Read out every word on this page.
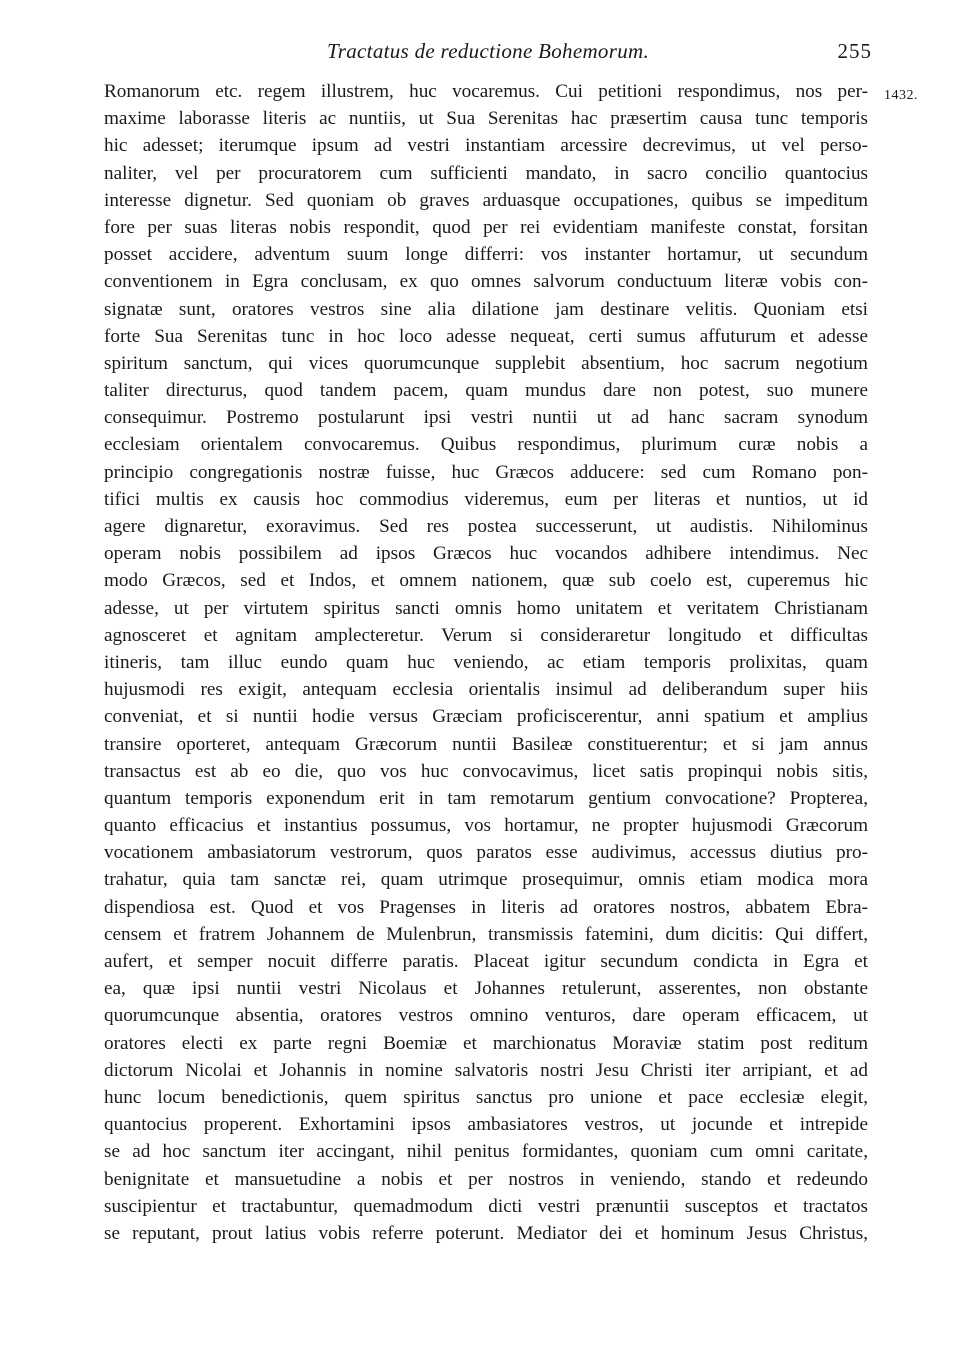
Tractatus de reductione Bohemorum.	255
1432.
Romanorum etc. regem illustrem, huc vocaremus. Cui petitioni respondimus, nos per-
maxime laborasse literis ac nuntiis, ut Sua Serenitas hac præsertim causa tunc temporis
hic adesset; iterumque ipsum ad vestri instantiam arcessire decrevimus, ut vel perso-
naliter, vel per procuratorem cum sufficienti mandato, in sacro concilio quantocius
interesse dignetur. Sed quoniam ob graves arduasque occupationes, quibus se impeditum
fore per suas literas nobis respondit, quod per rei evidentiam manifeste constat, forsitan
posset accidere, adventum suum longe differri: vos instanter hortamur, ut secundum
conventionem in Egra conclusam, ex quo omnes salvorum conductuum literæ vobis con-
signatæ sunt, oratores vestros sine alia dilatione jam destinare velitis. Quoniam etsi
forte Sua Serenitas tunc in hoc loco adesse nequeat, certi sumus affuturum et adesse
spiritum sanctum, qui vices quorumcunque supplebit absentium, hoc sacrum negotium
taliter directurus, quod tandem pacem, quam mundus dare non potest, suo munere
consequimur. Postremo postularunt ipsi vestri nuntii ut ad hanc sacram synodum
ecclesiam orientalem convocaremus. Quibus respondimus, plurimum curæ nobis a
principio congregationis nostræ fuisse, huc Græcos adducere: sed cum Romano pon-
tifici multis ex causis hoc commodius videremus, eum per literas et nuntios, ut id
agere dignaretur, exoravimus. Sed res postea successerunt, ut audistis. Nihilominus
operam nobis possibilem ad ipsos Græcos huc vocandos adhibere intendimus. Nec
modo Græcos, sed et Indos, et omnem nationem, quæ sub coelo est, cuperemus hic
adesse, ut per virtutem spiritus sancti omnis homo unitatem et veritatem Christianam
agnosceret et agnitam amplecteretur. Verum si consideraretur longitudo et difficultas
itineris, tam illuc eundo quam huc veniendo, ac etiam temporis prolixitas, quam
hujusmodi res exigit, antequam ecclesia orientalis insimul ad deliberandum super hiis
conveniat, et si nuntii hodie versus Græciam proficiscerentur, anni spatium et amplius
transire oporteret, antequam Græcorum nuntii Basileæ constituerentur; et si jam annus
transactus est ab eo die, quo vos huc convocavimus, licet satis propinqui nobis sitis,
quantum temporis exponendum erit in tam remotarum gentium convocatione? Propterea,
quanto efficacius et instantius possumus, vos hortamur, ne propter hujusmodi Græcorum
vocationem ambasiatorum vestrorum, quos paratos esse audivimus, accessus diutius pro-
trahatur, quia tam sanctæ rei, quam utrimque prosequimur, omnis etiam modica mora
dispendiosa est. Quod et vos Pragenses in literis ad oratores nostros, abbatem Ebra-
censem et fratrem Johannem de Mulenbrun, transmissis fatemini, dum dicitis: Qui differt,
aufert, et semper nocuit differre paratis. Placeat igitur secundum condicta in Egra et
ea, quæ ipsi nuntii vestri Nicolaus et Johannes retulerunt, asserentes, non obstante
quorumcunque absentia, oratores vestros omnino venturos, dare operam efficacem, ut
oratores electi ex parte regni Boemiæ et marchionatus Moraviæ statim post reditum
dictorum Nicolai et Johannis in nomine salvatoris nostri Jesu Christi iter arripiant, et ad
hunc locum benedictionis, quem spiritus sanctus pro unione et pace ecclesiæ elegit,
quantocius properent. Exhortamini ipsos ambasiatores vestros, ut jocunde et intrepide
se ad hoc sanctum iter accingant, nihil penitus formidantes, quoniam cum omni caritate,
benignitate et mansuetudine a nobis et per nostros in veniendo, stando et redeundo
suscipientur et tractabuntur, quemadmodum dicti vestri prænuntii susceptos et tractatos
se reputant, prout latius vobis referre poterunt. Mediator dei et hominum Jesus Christus,
